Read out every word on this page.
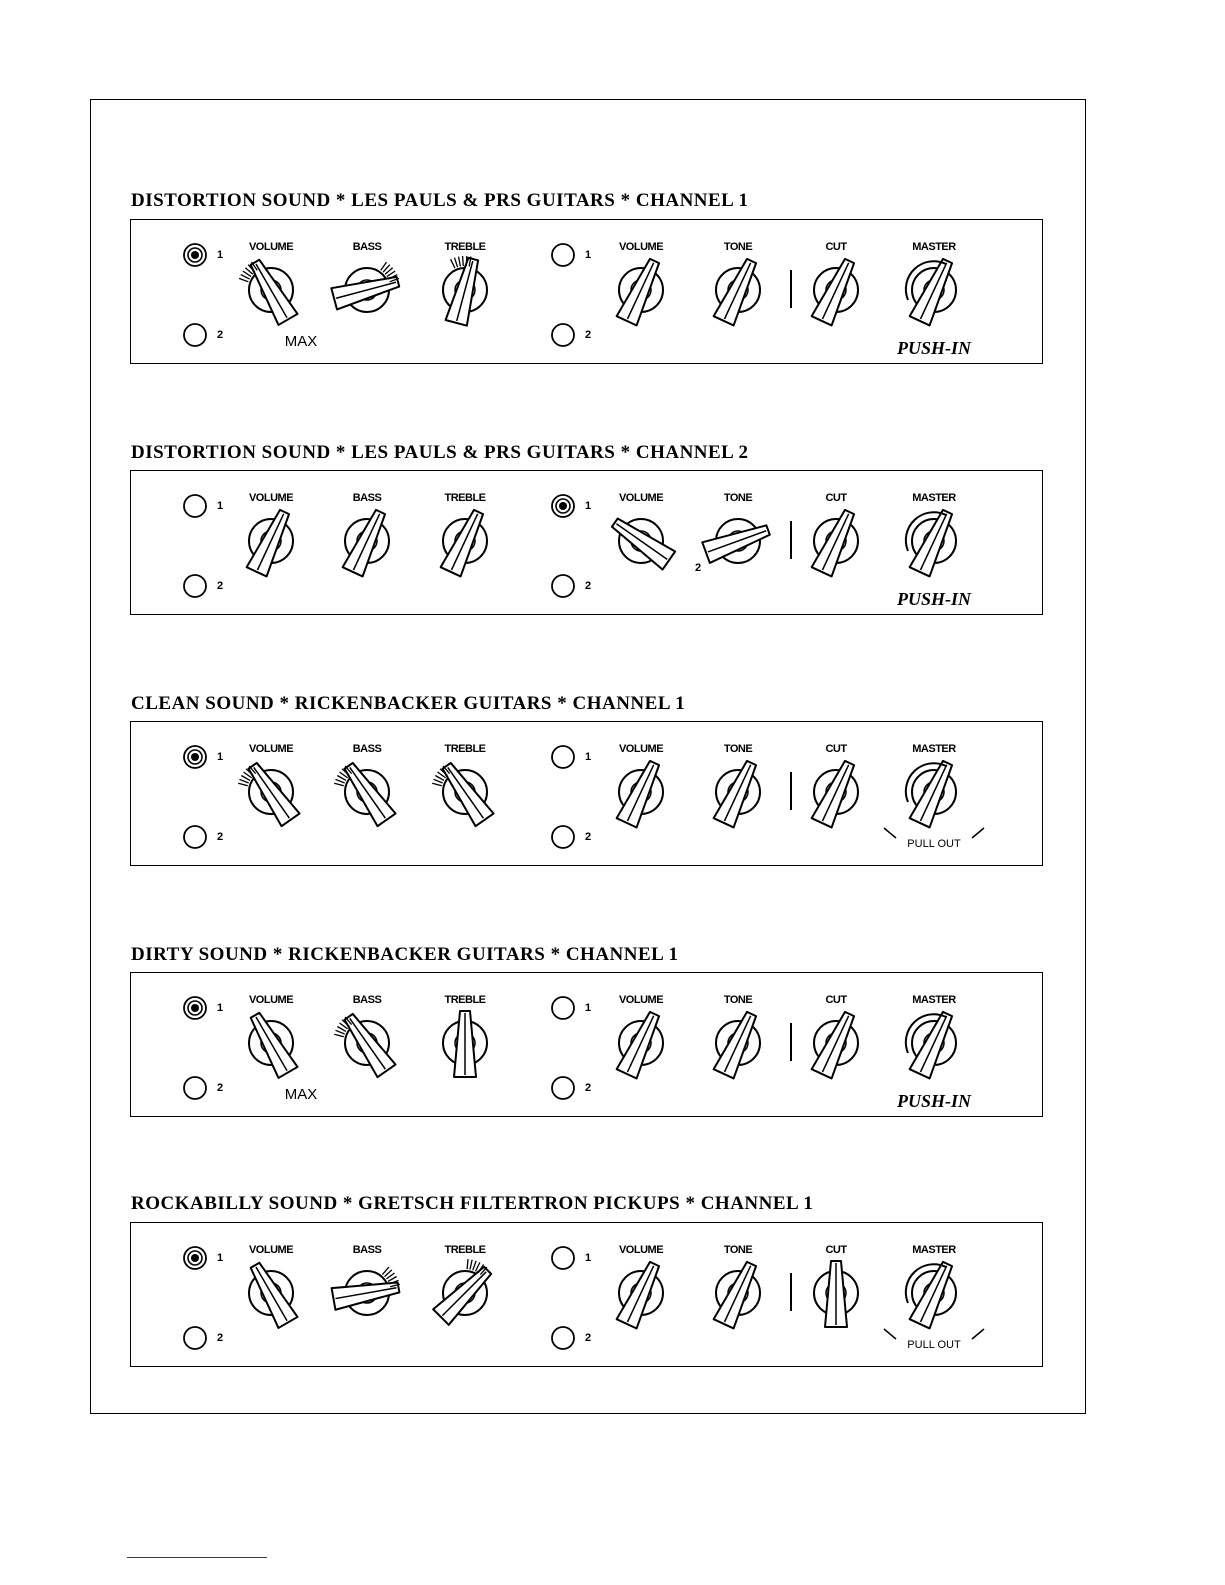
DISTORTION SOUND * LES PAULS & PRS GUITARS * CHANNEL 1
1
2
1
2
VOLUME	BASS	TREBLE	VOLUME	TONE	CUT	MASTER
MAX	PUSH-IN
DISTORTION SOUND * LES PAULS & PRS GUITARS * CHANNEL 2
1
2
1
2
VOLUME	BASS	TREBLE	VOLUME	TONE	CUT	MASTER
2
PUSH-IN
CLEAN SOUND * RICKENBACKER GUITARS * CHANNEL 1
1
2
1
2
VOLUME	BASS	TREBLE	VOLUME	TONE	CUT	MASTER
PULL OUT
DIRTY SOUND * RICKENBACKER GUITARS * CHANNEL 1
1
2
1
2
VOLUME	BASS	TREBLE	VOLUME	TONE	CUT	MASTER
MAX	PUSH-IN
ROCKABILLY SOUND * GRETSCH FILTERTRON PICKUPS * CHANNEL 1
1
2
1
2
VOLUME	BASS	TREBLE	VOLUME	TONE	CUT	MASTER
PULL OUT
